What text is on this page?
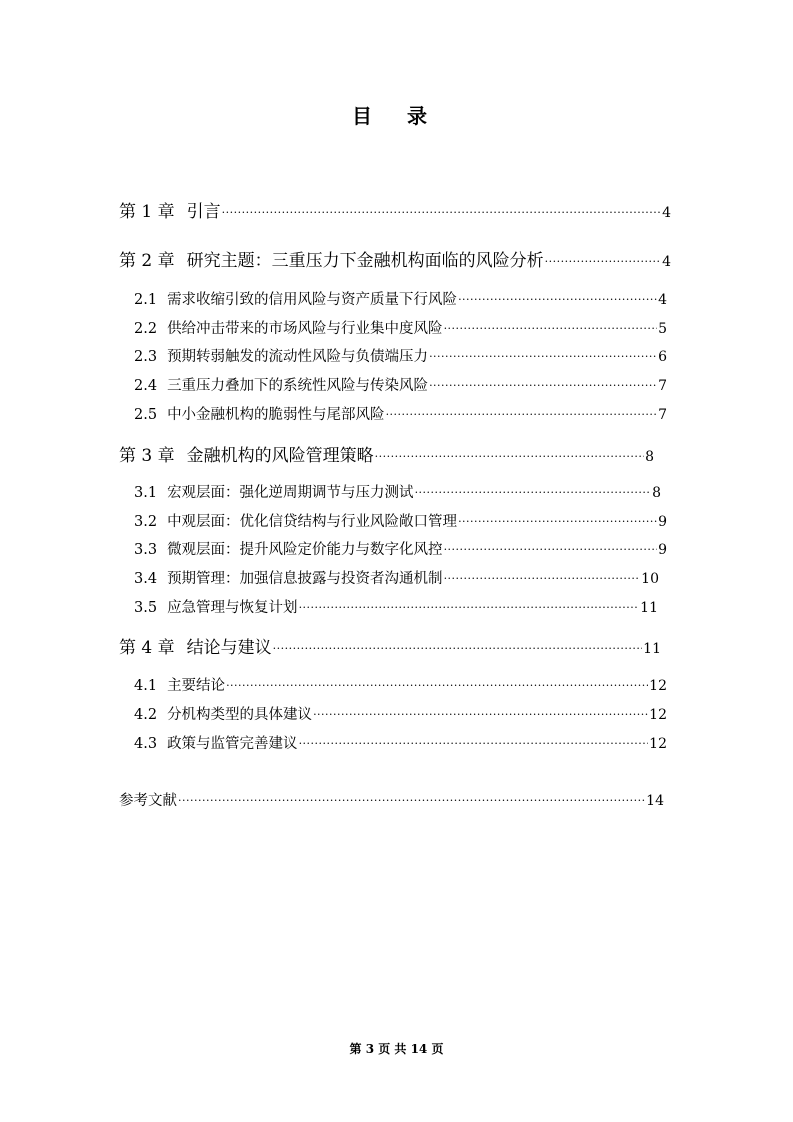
目 录
第 1 章 引言 ·····	4
第 2 章 研究主题：三重压力下金融机构面临的风险分析 ·····	4
2.1 需求收缩引致的信用风险与资产质量下行风险 ·····	4
2.2 供给冲击带来的市场风险与行业集中度风险 ·····	5
2.3 预期转弱触发的流动性风险与负债端压力 ·····	6
2.4 三重压力叠加下的系统性风险与传染风险 ·····	7
2.5 中小金融机构的脆弱性与尾部风险 ·····	7
第 3 章 金融机构的风险管理策略 ·····	8
3.1 宏观层面：强化逆周期调节与压力测试 ·····	8
3.2 中观层面：优化信贷结构与行业风险敞口管理 ·····	9
3.3 微观层面：提升风险定价能力与数字化风控 ·····	9
3.4 预期管理：加强信息披露与投资者沟通机制 ·····	10
3.5 应急管理与恢复计划 ·····	11
第 4 章 结论与建议 ·····	11
4.1 主要结论 ·····	12
4.2 分机构类型的具体建议 ·····	12
4.3 政策与监管完善建议 ·····	12
参考文献 ·····	14
第 3 页 共 14 页
